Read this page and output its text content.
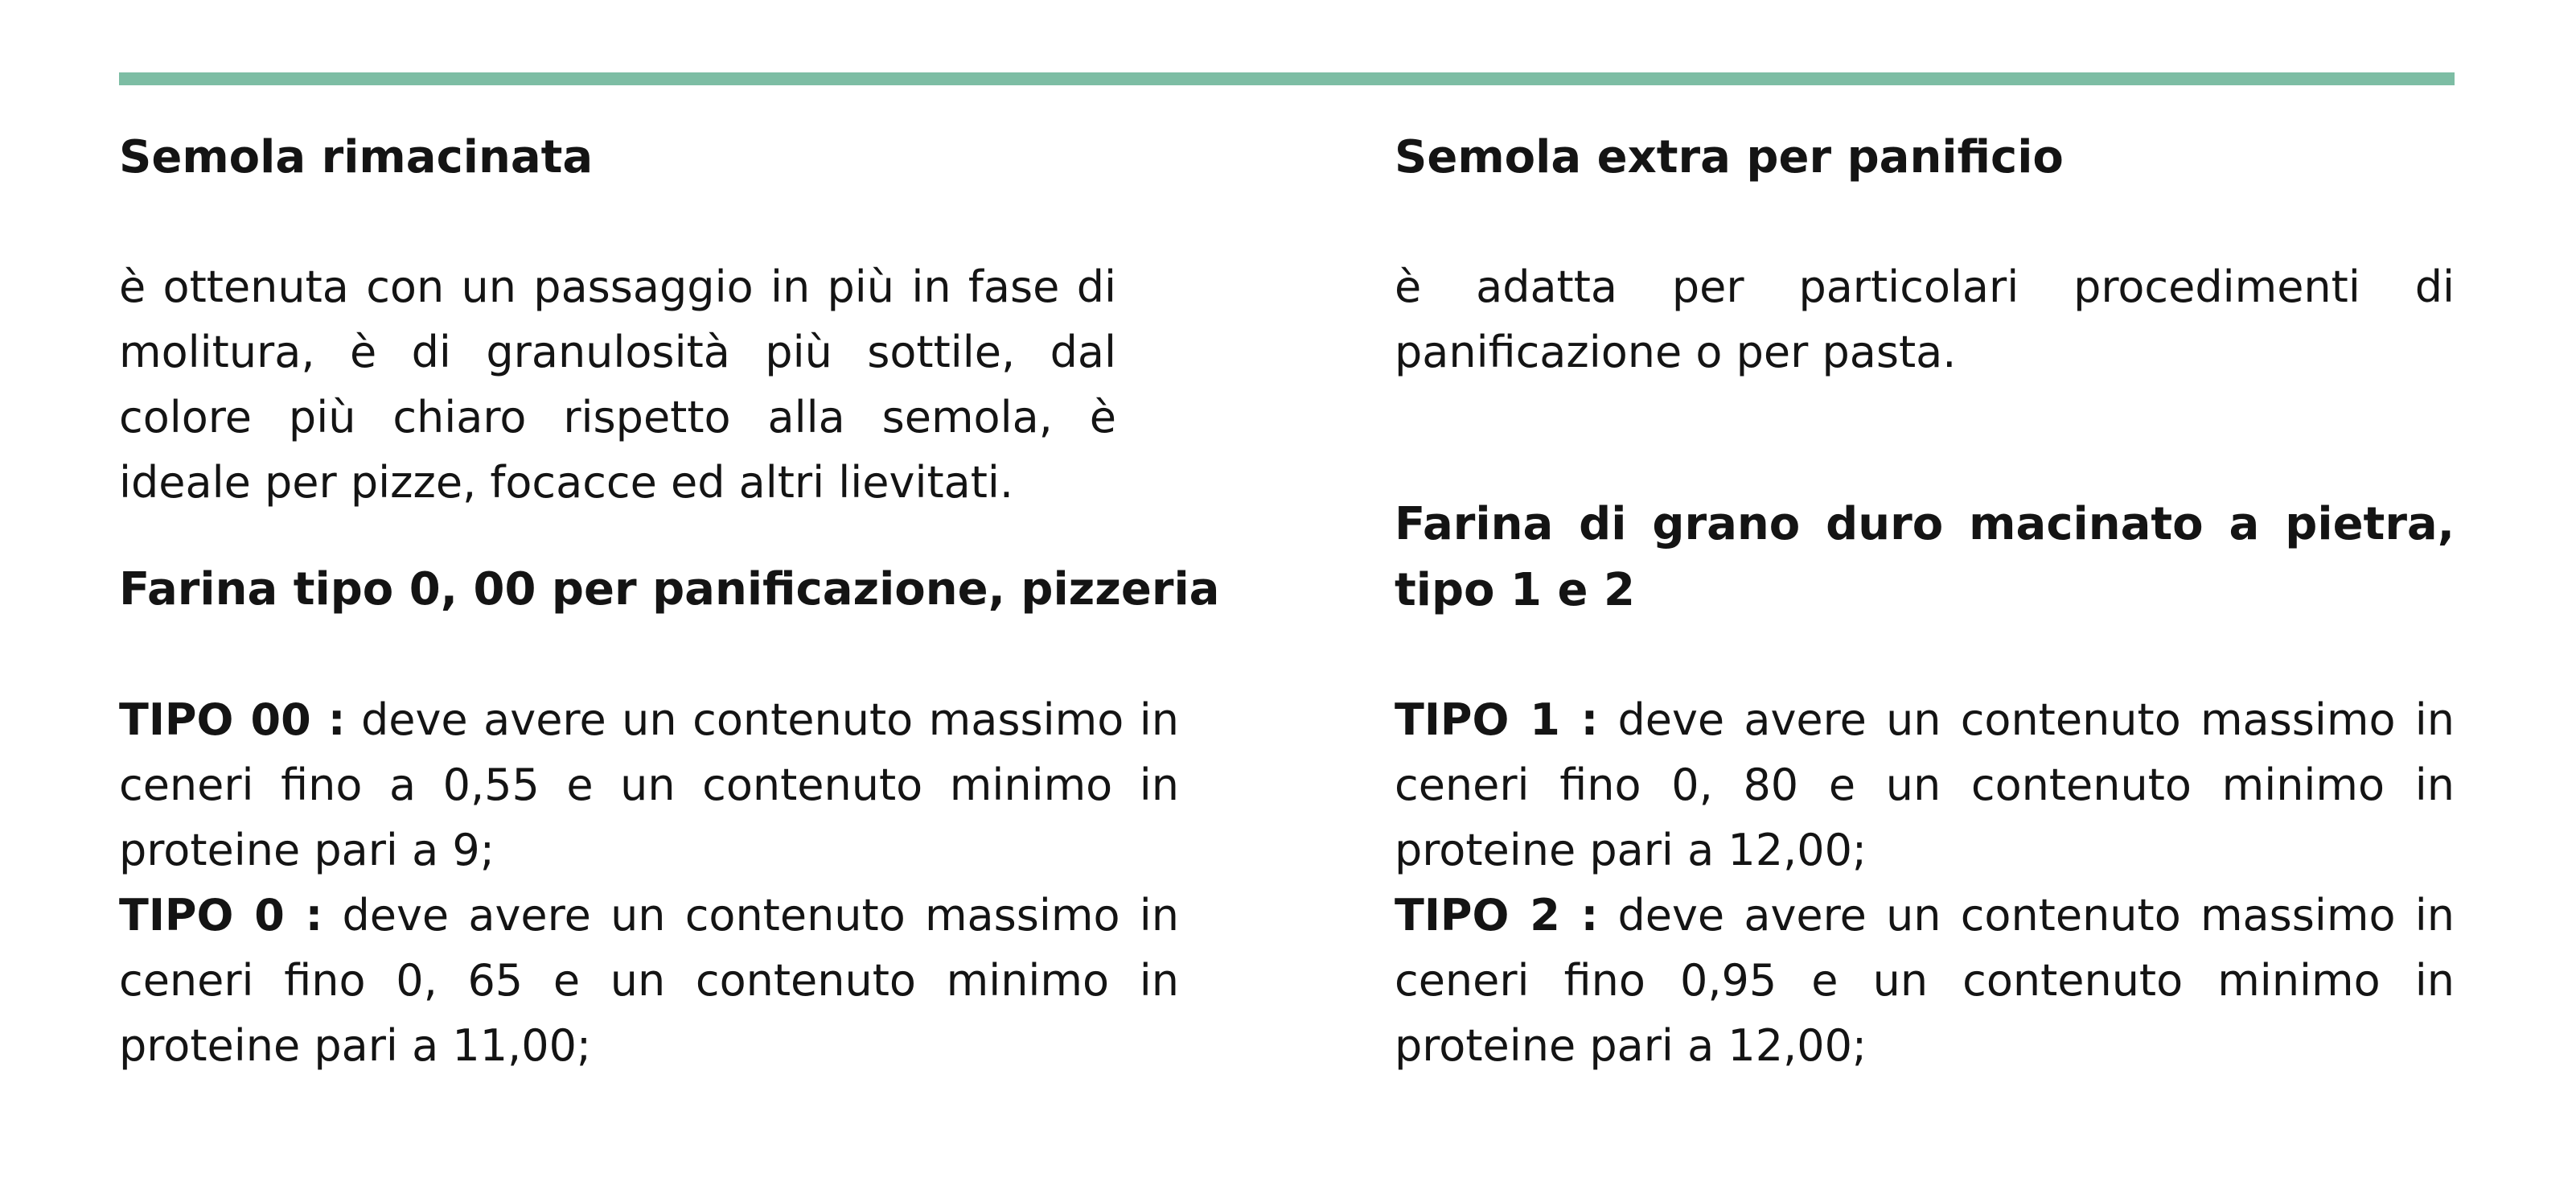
Semola rimacinata

è ottenuta con un passaggio in più in fase di molitura, è di granulosità più sottile, dal colore più chiaro rispetto alla semola, è ideale per pizze, focacce ed altri lievitati.

Farina tipo 0, 00 per panificazione, pizzeria

TIPO 00 : deve avere un contenuto massimo in ceneri fino a 0,55 e un contenuto minimo in proteine pari a 9;

TIPO 0 : deve avere un contenuto massimo in ceneri fino 0, 65 e un contenuto minimo in proteine pari a 11,00;

Semola extra per panificio

è adatta per particolari procedimenti di panificazione o per pasta.

Farina di grano duro macinato a pietra, tipo 1 e 2

TIPO 1 : deve avere un contenuto massimo in ceneri fino 0, 80 e un contenuto minimo in proteine pari a 12,00;

TIPO 2 : deve avere un contenuto massimo in ceneri fino 0,95 e un contenuto minimo in proteine pari a 12,00;
